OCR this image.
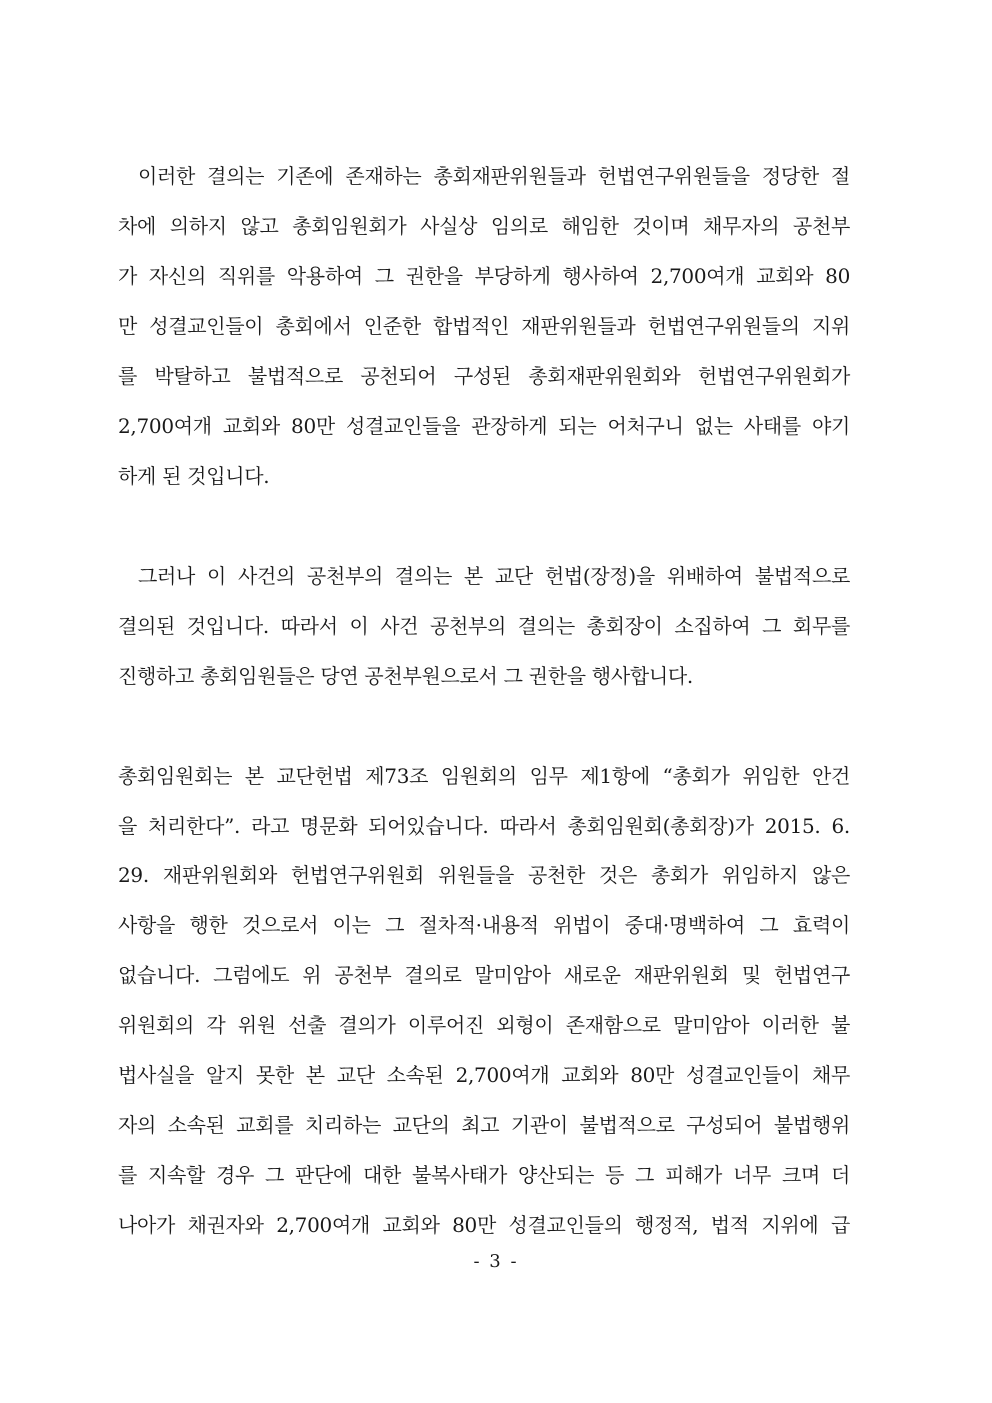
이러한 결의는 기존에 존재하는 총회재판위원들과 헌법연구위원들을 정당한 절
차에 의하지 않고 총회임원회가 사실상 임의로 해임한 것이며 채무자의 공천부
가 자신의 직위를 악용하여 그 권한을 부당하게 행사하여 2,700여개 교회와 80
만 성결교인들이 총회에서 인준한 합법적인 재판위원들과 헌법연구위원들의 지위
를 박탈하고 불법적으로 공천되어 구성된 총회재판위원회와 헌법연구위원회가
2,700여개 교회와 80만 성결교인들을 관장하게 되는 어처구니 없는 사태를 야기
하게 된 것입니다.
그러나 이 사건의 공천부의 결의는 본 교단 헌법(장정)을 위배하여 불법적으로
결의된 것입니다. 따라서 이 사건 공천부의 결의는 총회장이 소집하여 그 회무를
진행하고 총회임원들은 당연 공천부원으로서 그 권한을 행사합니다.
총회임원회는 본 교단헌법 제73조 임원회의 임무 제1항에 “총회가 위임한 안건
을 처리한다”. 라고 명문화 되어있습니다. 따라서 총회임원회(총회장)가 2015. 6.
29. 재판위원회와 헌법연구위원회 위원들을 공천한 것은 총회가 위임하지 않은
사항을 행한 것으로서 이는 그 절차적·내용적 위법이 중대·명백하여 그 효력이
없습니다. 그럼에도 위 공천부 결의로 말미암아 새로운 재판위원회 및 헌법연구
위원회의 각 위원 선출 결의가 이루어진 외형이 존재함으로 말미암아 이러한 불
법사실을 알지 못한 본 교단 소속된 2,700여개 교회와 80만 성결교인들이 채무
자의 소속된 교회를 치리하는 교단의 최고 기관이 불법적으로 구성되어 불법행위
를 지속할 경우 그 판단에 대한 불복사태가 양산되는 등 그 피해가 너무 크며 더
나아가 채권자와 2,700여개 교회와 80만 성결교인들의 행정적, 법적 지위에 급
- 3 -
